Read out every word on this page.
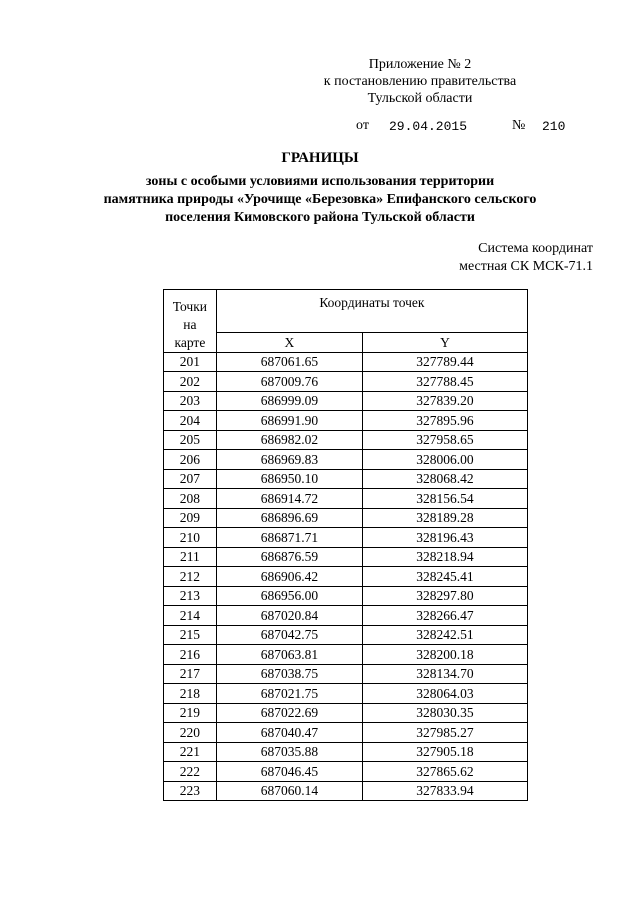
Приложение № 2
к постановлению правительства
Тульской области
от 29.04.2015	№ 210
ГРАНИЦЫ
зоны с особыми условиями использования территории
памятника природы «Урочище «Березовка» Епифанского сельского
поселения Кимовского района Тульской области
Система координат
местная СК МСК-71.1
Точки
на
карте	Координаты точек	
	X	Y
201	687061.65	327789.44
202	687009.76	327788.45
203	686999.09	327839.20
204	686991.90	327895.96
205	686982.02	327958.65
206	686969.83	328006.00
207	686950.10	328068.42
208	686914.72	328156.54
209	686896.69	328189.28
210	686871.71	328196.43
211	686876.59	328218.94
212	686906.42	328245.41
213	686956.00	328297.80
214	687020.84	328266.47
215	687042.75	328242.51
216	687063.81	328200.18
217	687038.75	328134.70
218	687021.75	328064.03
219	687022.69	328030.35
220	687040.47	327985.27
221	687035.88	327905.18
222	687046.45	327865.62
223	687060.14	327833.94
